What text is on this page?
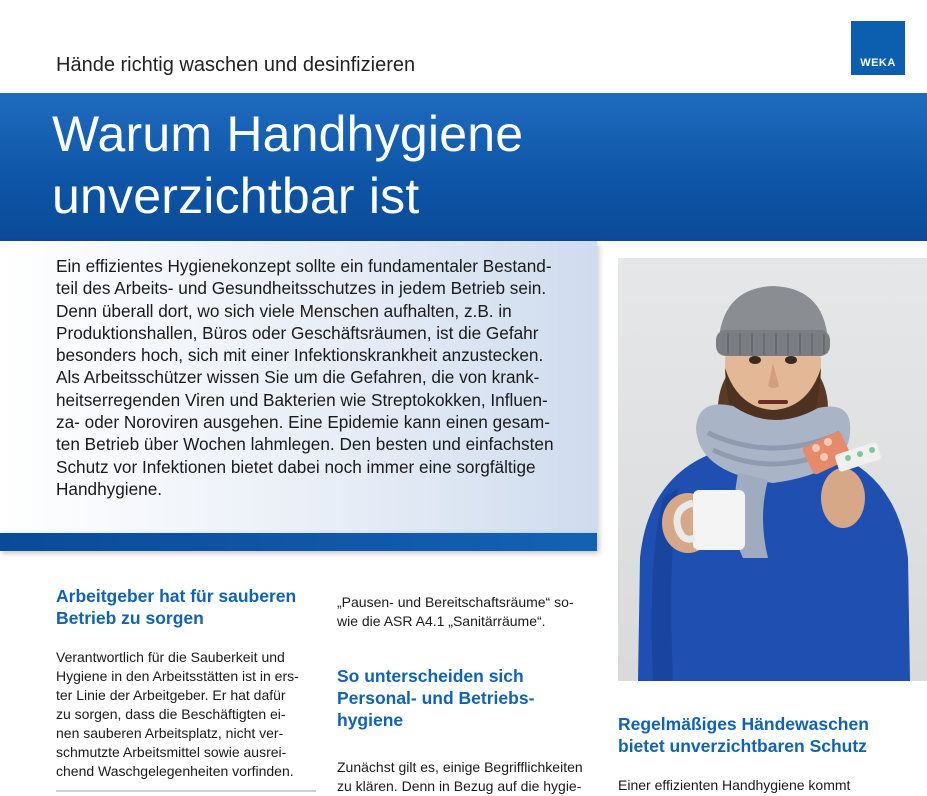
Hände richtig waschen und desinfizieren	WEKA
Warum Handhygiene
unverzichtbar ist
Ein effizientes Hygienekonzept sollte ein fundamentaler Bestand-
teil des Arbeits- und Gesundheitsschutzes in jedem Betrieb sein.
Denn überall dort, wo sich viele Menschen aufhalten, z.B. in
Produktionshallen, Büros oder Geschäftsräumen, ist die Gefahr
besonders hoch, sich mit einer Infektionskrankheit anzustecken.
Als Arbeitsschützer wissen Sie um die Gefahren, die von krank-
heitserregenden Viren und Bakterien wie Streptokokken, Influen-
za- oder Noroviren ausgehen. Eine Epidemie kann einen gesam-
ten Betrieb über Wochen lahmlegen. Den besten und einfachsten
Schutz vor Infektionen bietet dabei noch immer eine sorgfältige
Handhygiene.
Arbeitgeber hat für sauberen
Betrieb zu sorgen
Verantwortlich für die Sauberkeit und
Hygiene in den Arbeitsstätten ist in ers-
ter Linie der Arbeitgeber. Er hat dafür
zu sorgen, dass die Beschäftigten ei-
nen sauberen Arbeitsplatz, nicht ver-
schmutzte Arbeitsmittel sowie ausrei-
chend Waschgelegenheiten vorfinden.
„Pausen- und Bereitschaftsräume“ so-
wie die ASR A4.1 „Sanitärräume“.
So unterscheiden sich
Personal- und Betriebs-
hygiene
Zunächst gilt es, einige Begrifflichkeiten
zu klären. Denn in Bezug auf die hygie-
Regelmäßiges Händewaschen
bietet unverzichtbaren Schutz
Einer effizienten Handhygiene kommt
